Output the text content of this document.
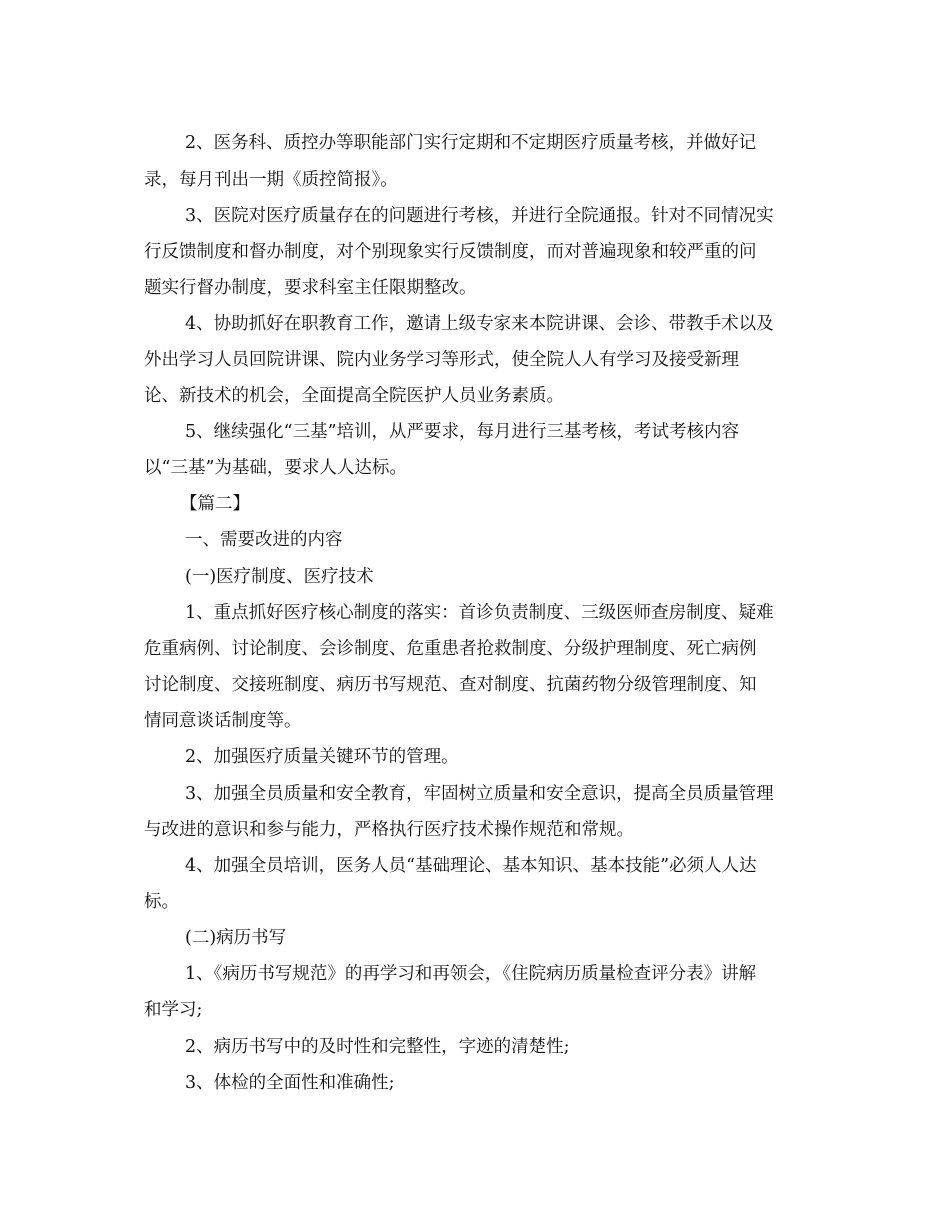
2、医务科、质控办等职能部门实行定期和不定期医疗质量考核，并做好记

录，每月刊出一期《质控简报》。

3、医院对医疗质量存在的问题进行考核，并进行全院通报。针对不同情况实

行反馈制度和督办制度，对个别现象实行反馈制度，而对普遍现象和较严重的问

题实行督办制度，要求科室主任限期整改。

4、协助抓好在职教育工作，邀请上级专家来本院讲课、会诊、带教手术以及

外出学习人员回院讲课、院内业务学习等形式，使全院人人有学习及接受新理

论、新技术的机会，全面提高全院医护人员业务素质。

5、继续强化“三基”培训，从严要求，每月进行三基考核，考试考核内容

以“三基”为基础，要求人人达标。

【篇二】

一、需要改进的内容

(一)医疗制度、医疗技术

1、重点抓好医疗核心制度的落实：首诊负责制度、三级医师查房制度、疑难

危重病例、讨论制度、会诊制度、危重患者抢救制度、分级护理制度、死亡病例

讨论制度、交接班制度、病历书写规范、查对制度、抗菌药物分级管理制度、知

情同意谈话制度等。

2、加强医疗质量关键环节的管理。

3、加强全员质量和安全教育，牢固树立质量和安全意识，提高全员质量管理

与改进的意识和参与能力，严格执行医疗技术操作规范和常规。

4、加强全员培训，医务人员“基础理论、基本知识、基本技能”必须人人达

标。

(二)病历书写

1、《病历书写规范》的再学习和再领会，《住院病历质量检查评分表》讲解

和学习;

2、病历书写中的及时性和完整性，字迹的清楚性;

3、体检的全面性和准确性;
